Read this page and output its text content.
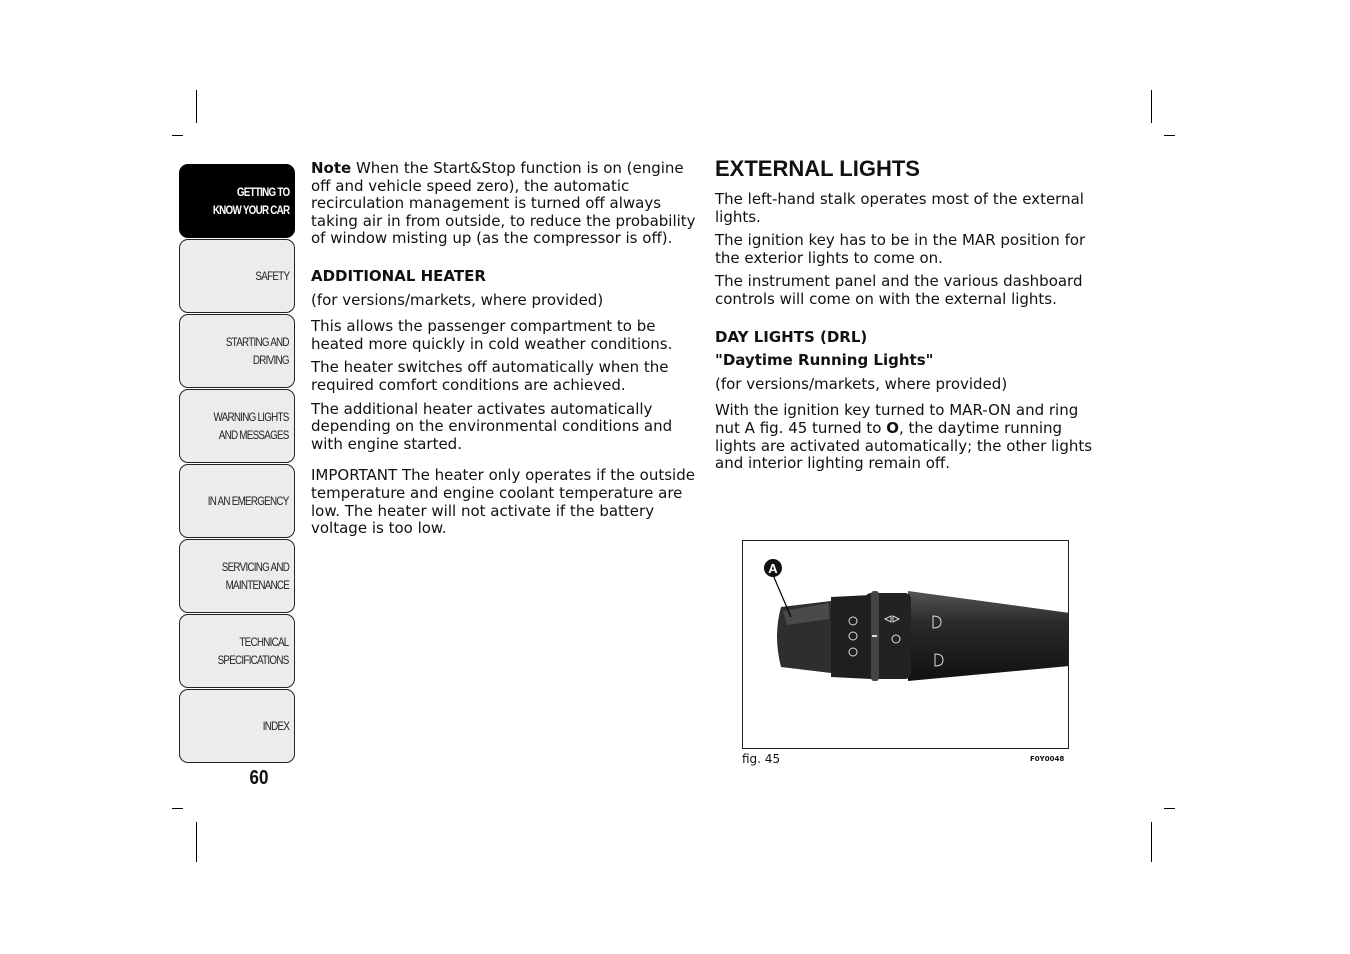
GETTING TO
KNOW YOUR CAR
SAFETY
STARTING AND
DRIVING
WARNING LIGHTS
AND MESSAGES
IN AN EMERGENCY
SERVICING AND
MAINTENANCE
TECHNICAL
SPECIFICATIONS
INDEX
60

Note When the Start&Stop function is on (engine off and vehicle speed zero), the automatic recirculation management is turned off always taking air in from outside, to reduce the probability of window misting up (as the compressor is off).

ADDITIONAL HEATER

(for versions/markets, where provided)

This allows the passenger compartment to be heated more quickly in cold weather conditions.

The heater switches off automatically when the required comfort conditions are achieved.

The additional heater activates automatically depending on the environmental conditions and with engine started.

IMPORTANT The heater only operates if the outside temperature and engine coolant temperature are low. The heater will not activate if the battery voltage is too low.

EXTERNAL LIGHTS

The left-hand stalk operates most of the external lights.

The ignition key has to be in the MAR position for the exterior lights to come on.

The instrument panel and the various dashboard controls will come on with the external lights.

DAY LIGHTS (DRL)

"Daytime Running Lights"

(for versions/markets, where provided)

With the ignition key turned to MAR-ON and ring nut A fig. 45 turned to O, the daytime running lights are activated automatically; the other lights and interior lighting remain off.

A
fig. 45	F0Y0048
